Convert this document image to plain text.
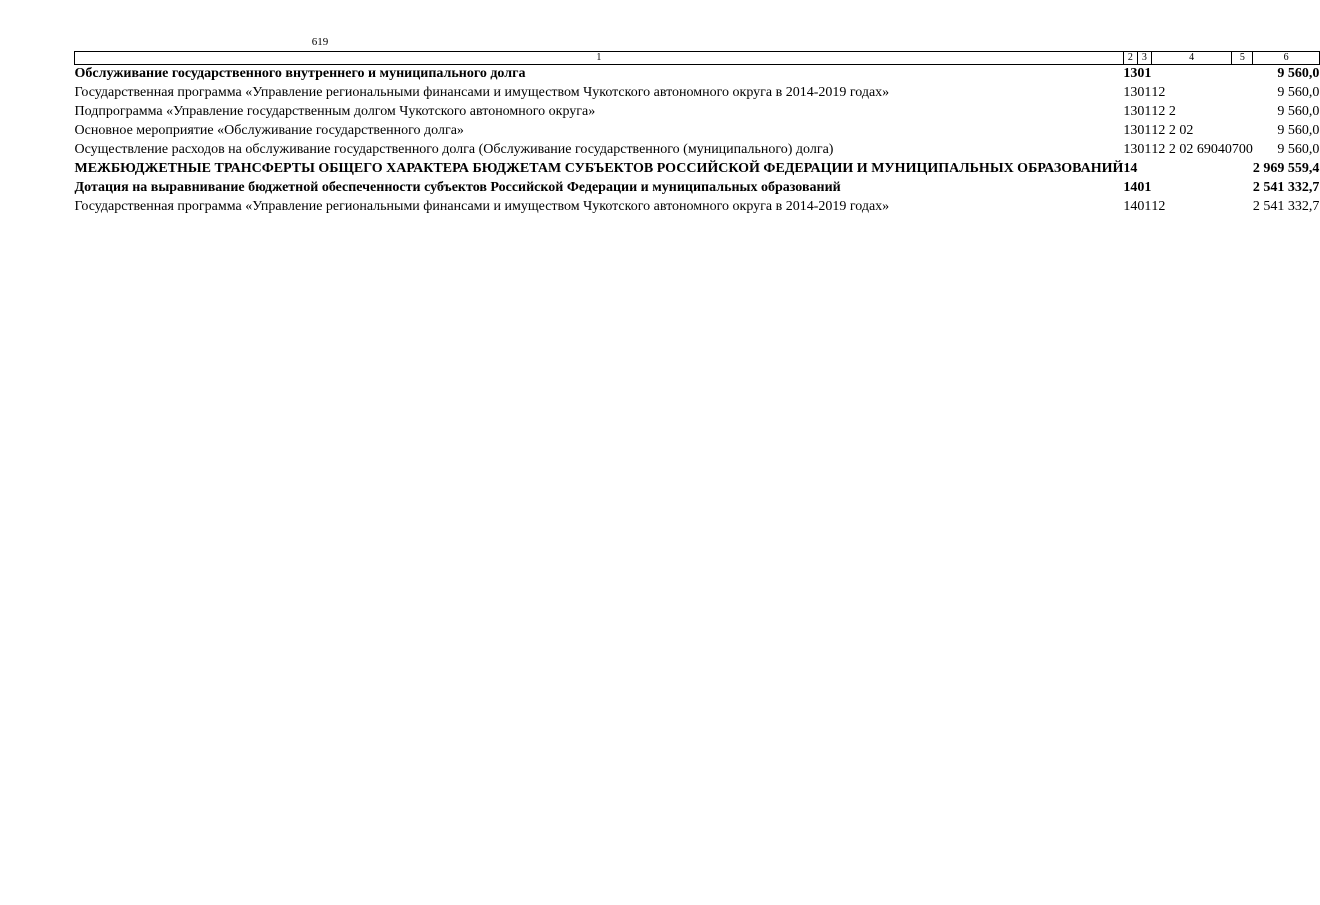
619
1	2	3	4	5	6
Обслуживание государственного внутреннего и муниципального долга	13	01			9 560,0
Государственная программа «Управление региональными финансами и имуществом Чукотского автономного округа в 2014-2019 годах»	13	01	12		9 560,0
Подпрограмма «Управление государственным долгом Чукотского автономного округа»	13	01	12 2		9 560,0
Основное мероприятие «Обслуживание государственного долга»	13	01	12 2 02		9 560,0
Осуществление расходов на обслуживание государственного долга (Обслуживание государственного (муниципального) долга)	13	01	12 2 02 69040	700	9 560,0
МЕЖБЮДЖЕТНЫЕ ТРАНСФЕРТЫ ОБЩЕГО ХАРАКТЕРА БЮДЖЕТАМ СУБЪЕКТОВ РОССИЙСКОЙ ФЕДЕРАЦИИ И МУНИЦИПАЛЬНЫХ ОБРАЗОВАНИЙ	14				2 969 559,4
Дотация на выравнивание бюджетной обеспеченности субъектов Российской Федерации и муниципальных образований	14	01			2 541 332,7
Государственная программа «Управление региональными финансами и имуществом Чукотского автономного округа в 2014-2019 годах»	14	01	12		2 541 332,7
